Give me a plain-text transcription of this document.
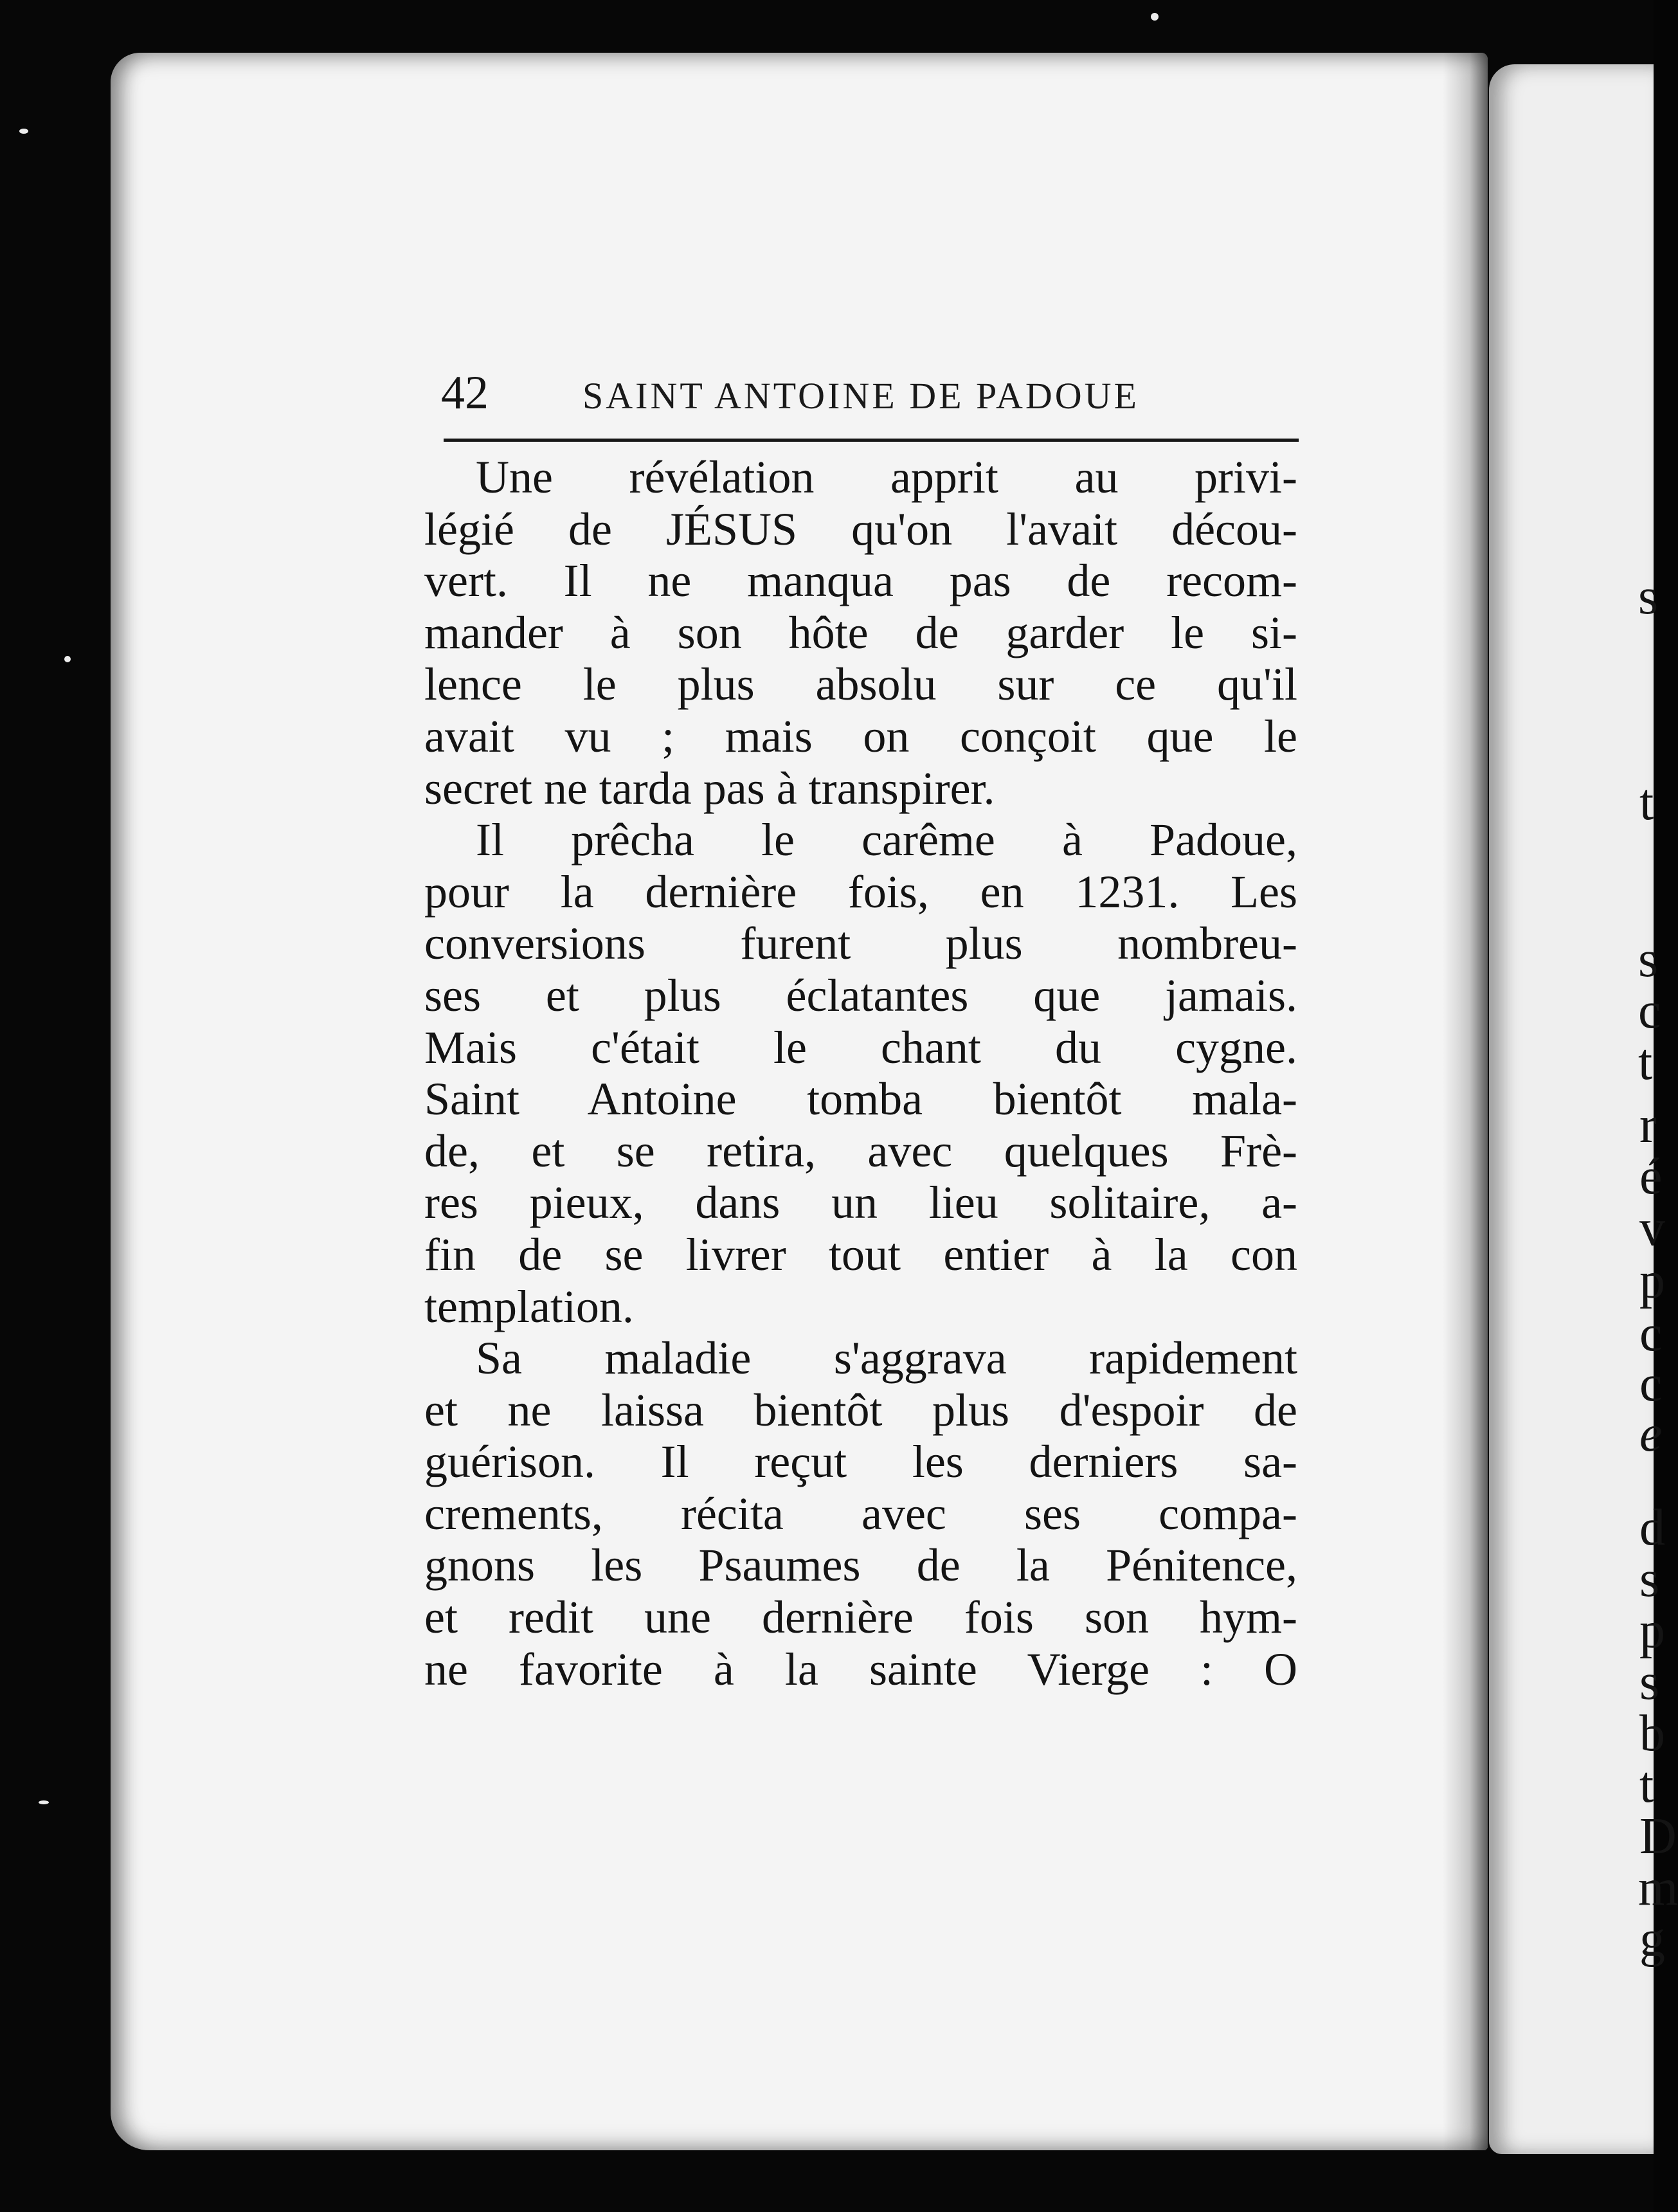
s
t
s
c
t
r
é
v
p
c
c
e
d
s
p
s
b
t
D
m
g
42	SAINT ANTOINE DE PADOUE
Une révélation apprit au privi-
légié de JÉSUS qu'on l'avait décou-
vert. Il ne manqua pas de recom-
mander à son hôte de garder le si-
lence le plus absolu sur ce qu'il
avait vu ; mais on conçoit que le
secret ne tarda pas à transpirer.
Il prêcha le carême à Padoue,
pour la dernière fois, en 1231. Les
conversions furent plus nombreu-
ses et plus éclatantes que jamais.
Mais c'était le chant du cygne.
Saint Antoine tomba bientôt mala-
de, et se retira, avec quelques Frè-
res pieux, dans un lieu solitaire, a-
fin de se livrer tout entier à la con
templation.
Sa maladie s'aggrava rapidement
et ne laissa bientôt plus d'espoir de
guérison. Il reçut les derniers sa-
crements, récita avec ses compa-
gnons les Psaumes de la Pénitence,
et redit une dernière fois son hym-
ne favorite à la sainte Vierge : O
